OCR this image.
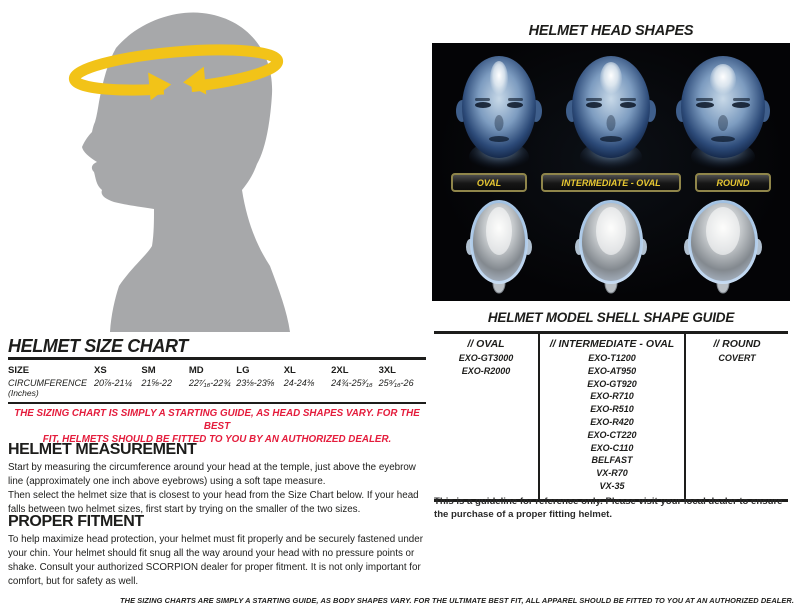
HELMET SIZE CHART
SIZE	XS	SM	MD	LG	XL	2XL	3XL
CIRCUMFERENCE
(Inches)
20⅞-21¼	21⅝-22	22⁷⁄₁₆-22¾ 23⅛-23⅝	24-24⅜	24¾-25³⁄₁₆ 25⁹⁄₁₆-26
THE SIZING CHART IS SIMPLY A STARTING GUIDE, AS HEAD SHAPES VARY. FOR THE BEST
FIT, HELMETS SHOULD BE FITTED TO YOU BY AN AUTHORIZED DEALER.
HELMET MEASUREMENT
Start by measuring the circumference around your head at the temple, just above the eyebrow line (approximately one inch above eyebrows) using a soft tape measure.
Then select the helmet size that is closest to your head from the Size Chart below. If your head falls between two helmet sizes, first start by trying on the smaller of the two sizes.
PROPER FITMENT
To help maximize head protection, your helmet must fit properly and be securely fastened under your chin. Your helmet should fit snug all the way around your head with no pressure points or shake. Consult your authorized SCORPION dealer for proper fitment. It is not only important for comfort, but for safety as well.
HELMET HEAD SHAPES
OVAL	INTERMEDIATE - OVAL	ROUND
HELMET MODEL SHELL SHAPE GUIDE
// OVAL
EXO-GT3000
EXO-R2000
// INTERMEDIATE - OVAL
EXO-T1200
EXO-AT950
EXO-GT920
EXO-R710
EXO-R510
EXO-R420
EXO-CT220
EXO-C110
BELFAST
VX-R70
VX-35
// ROUND
COVERT
This is a guideline for reference only. Please visit your local dealer to ensure the purchase of a proper fitting helmet.
THE SIZING CHARTS ARE SIMPLY A STARTING GUIDE, AS BODY SHAPES VARY. FOR THE ULTIMATE BEST FIT, ALL APPAREL SHOULD BE FITTED TO YOU AT AN AUTHORIZED DEALER.
